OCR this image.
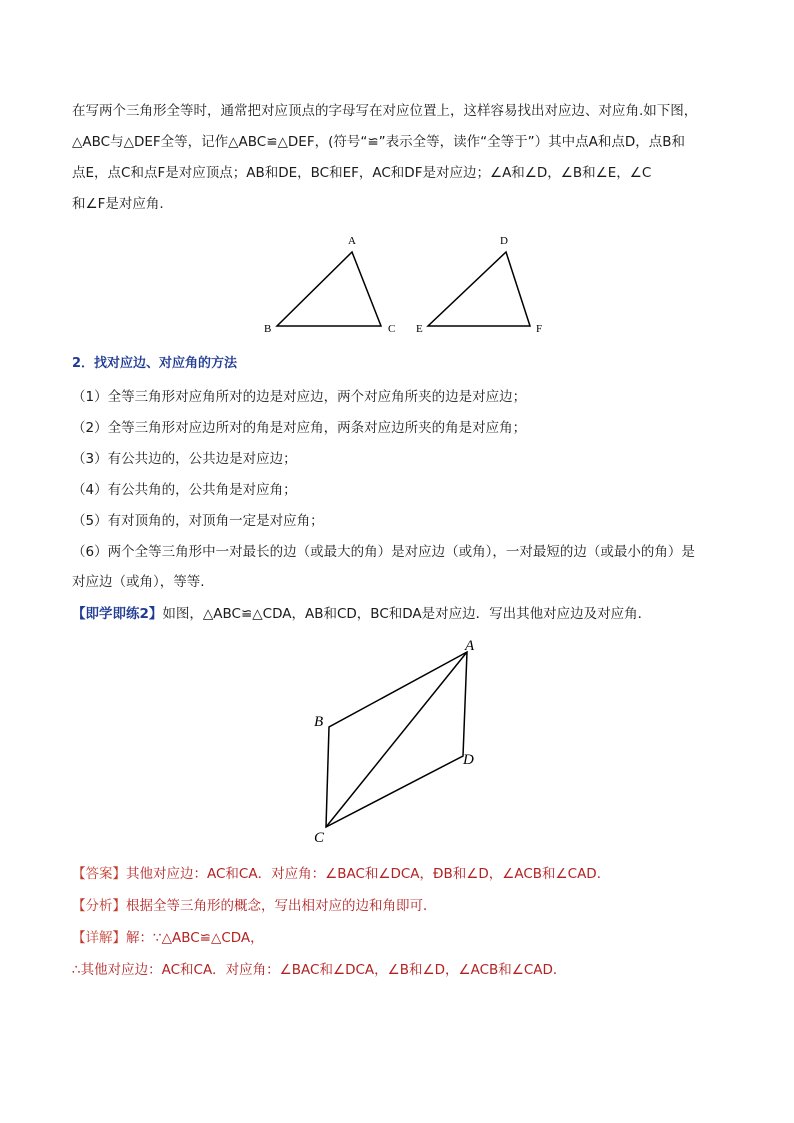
在写两个三角形全等时，通常把对应顶点的字母写在对应位置上，这样容易找出对应边、对应角.如下图，
△ABC与△DEF全等，记作△ABC≌△DEF，(符号“≌”表示全等，读作“全等于”）其中点A和点D，点B和
点E，点C和点F是对应顶点；AB和DE，BC和EF，AC和DF是对应边；∠A和∠D，∠B和∠E，∠C
和∠F是对应角.
A
B	C
D
E	F
2．找对应边、对应角的方法
（1）全等三角形对应角所对的边是对应边，两个对应角所夹的边是对应边；
（2）全等三角形对应边所对的角是对应角，两条对应边所夹的角是对应角；
（3）有公共边的，公共边是对应边；
（4）有公共角的，公共角是对应角；
（5）有对顶角的，对顶角一定是对应角；
（6）两个全等三角形中一对最长的边（或最大的角）是对应边（或角），一对最短的边（或最小的角）是
对应边（或角），等等.
【即学即练2】如图，△ABC≌△CDA，AB和CD，BC和DA是对应边．写出其他对应边及对应角．
A
B
C
D
【答案】其他对应边：AC和CA．对应角：∠BAC和∠DCA，ÐB和∠D，∠ACB和∠CAD．
【分析】根据全等三角形的概念，写出相对应的边和角即可．
【详解】解：∵△ABC≌△CDA，
∴其他对应边：AC和CA．对应角：∠BAC和∠DCA，∠B和∠D，∠ACB和∠CAD．
